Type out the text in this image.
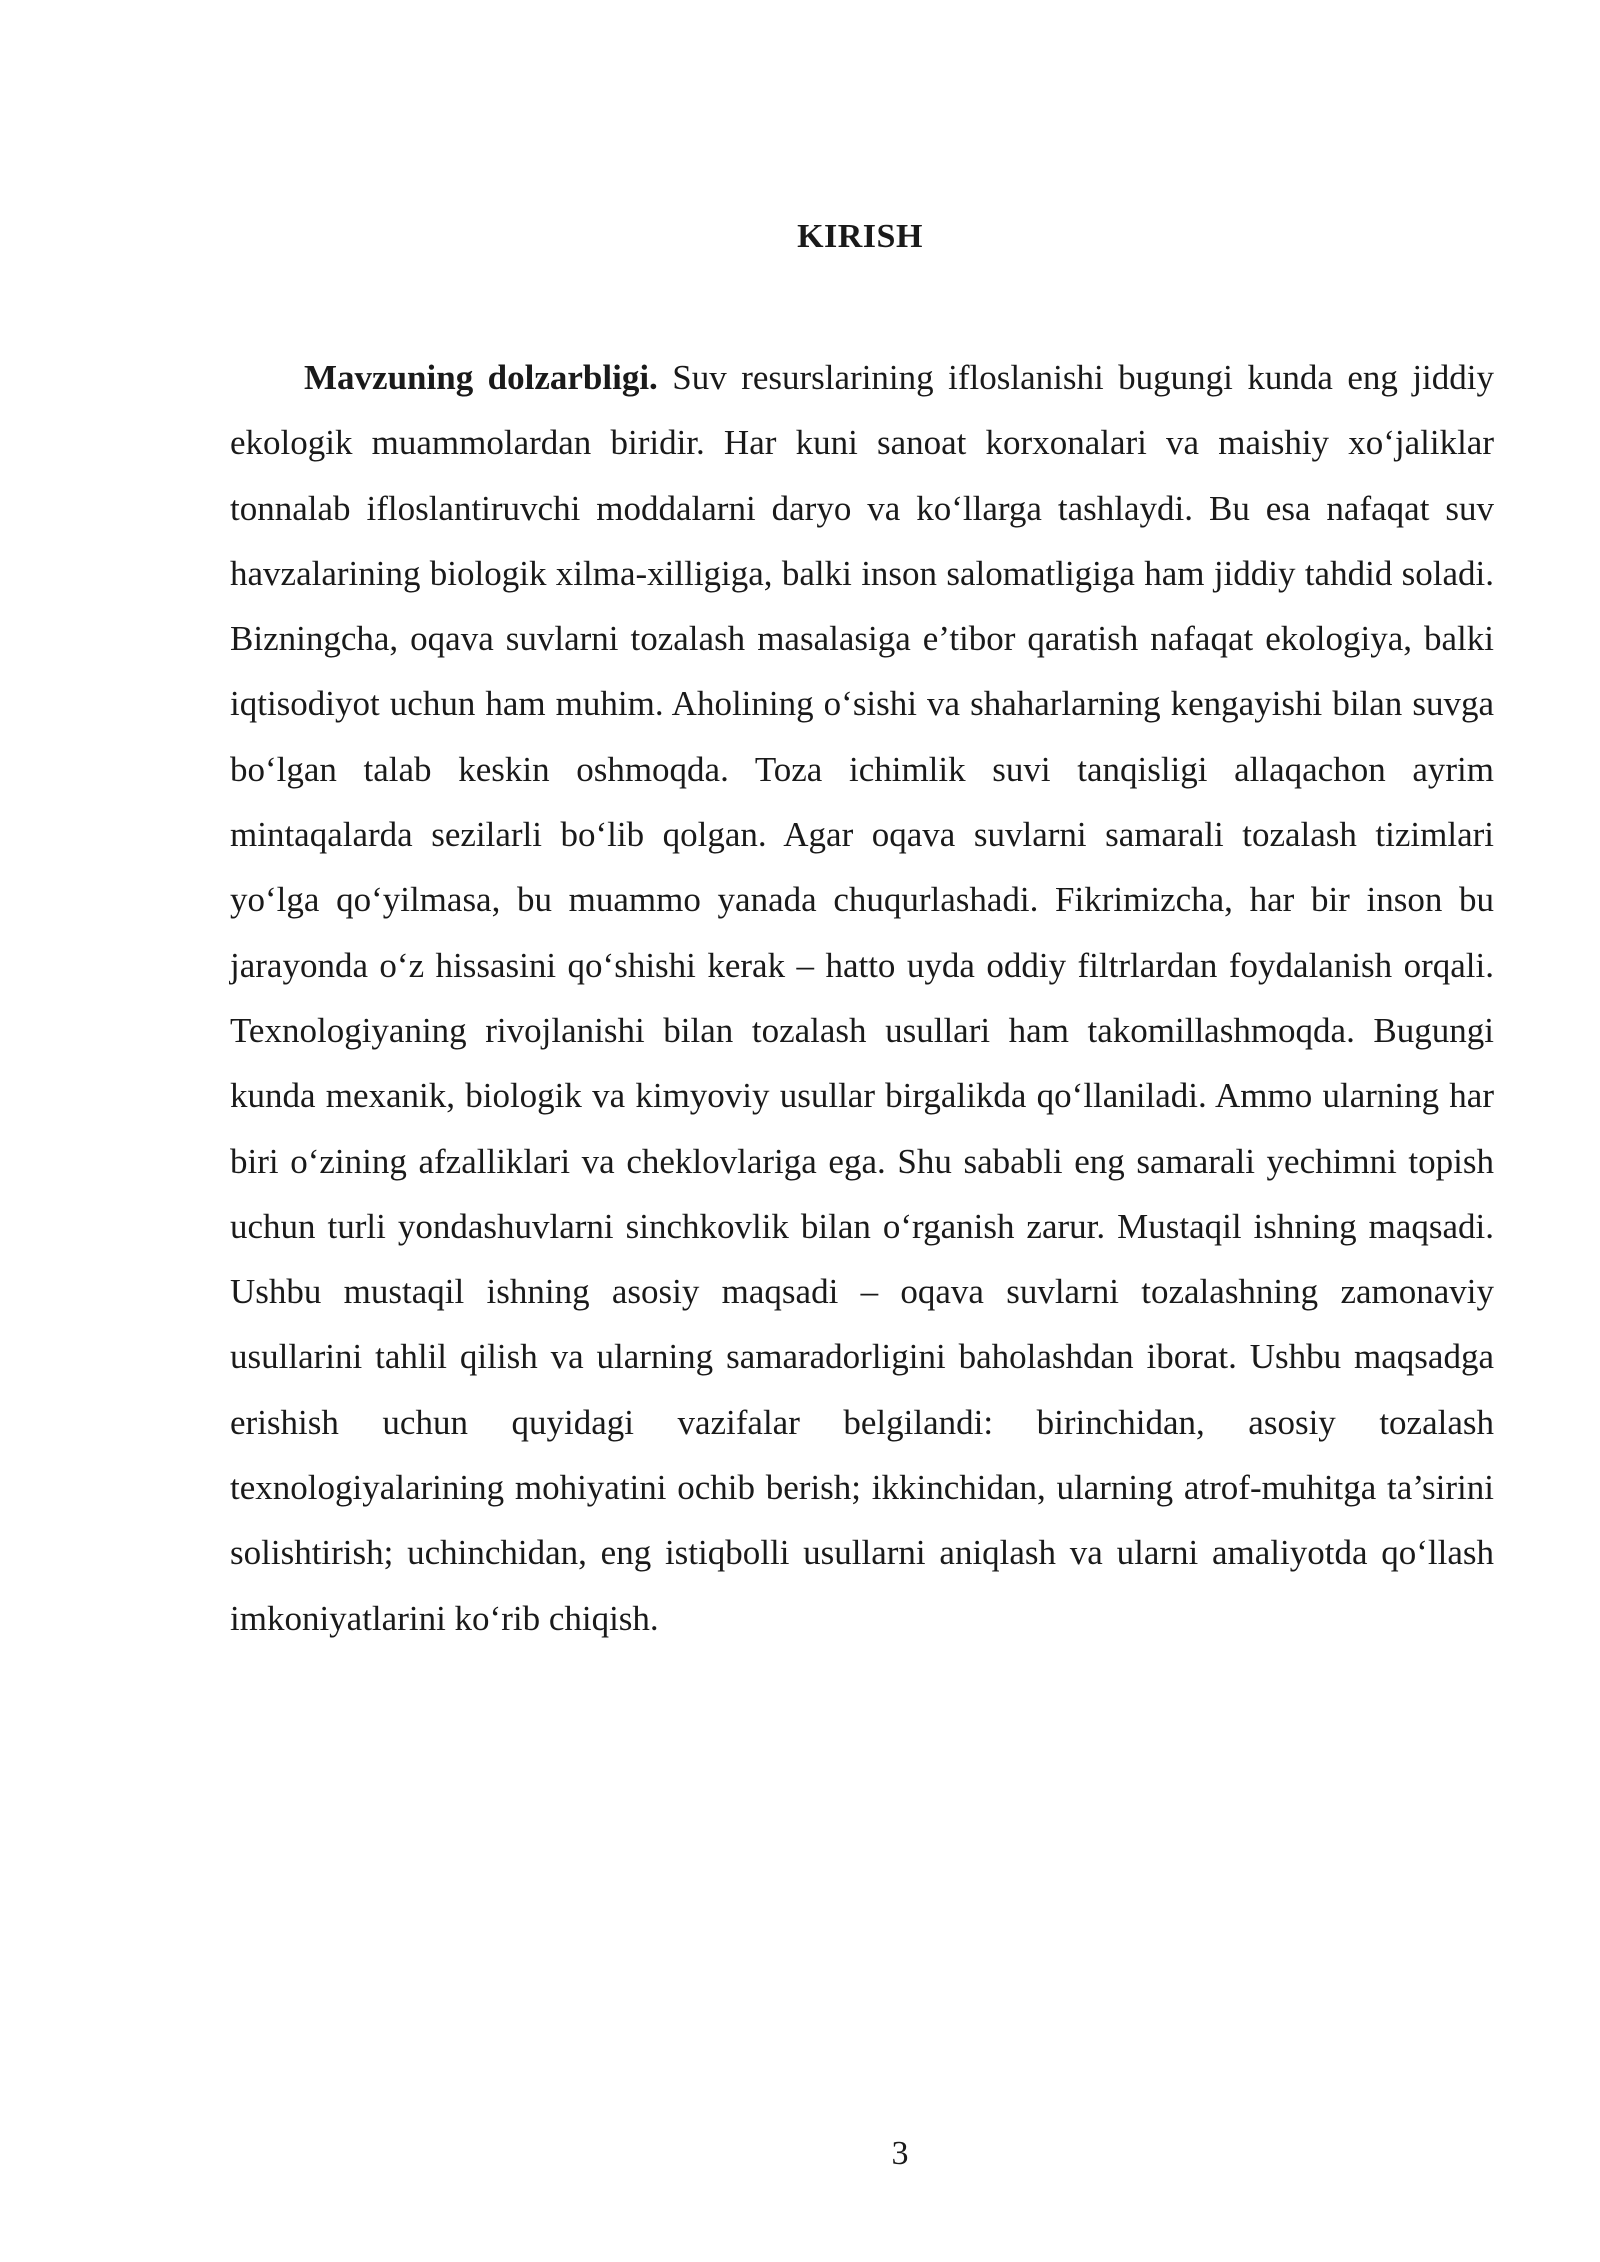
KIRISH

Mavzuning dolzarbligi. Suv resurslarining ifloslanishi bugungi kunda eng jiddiy ekologik muammolardan biridir. Har kuni sanoat korxonalari va maishiy xo‘jaliklar tonnalab ifloslantiruvchi moddalarni daryo va ko‘llarga tashlaydi. Bu esa nafaqat suv havzalarining biologik xilma-xilligiga, balki inson salomatligiga ham jiddiy tahdid soladi. Bizningcha, oqava suvlarni tozalash masalasiga e’tibor qaratish nafaqat ekologiya, balki iqtisodiyot uchun ham muhim. Aholining o‘sishi va shaharlarning kengayishi bilan suvga bo‘lgan talab keskin oshmoqda. Toza ichimlik suvi tanqisligi allaqachon ayrim mintaqalarda sezilarli bo‘lib qolgan. Agar oqava suvlarni samarali tozalash tizimlari yo‘lga qo‘yilmasa, bu muammo yanada chuqurlashadi. Fikrimizcha, har bir inson bu jarayonda o‘z hissasini qo‘shishi kerak – hatto uyda oddiy filtrlardan foydalanish orqali. Texnologiyaning rivojlanishi bilan tozalash usullari ham takomillashmoqda. Bugungi kunda mexanik, biologik va kimyoviy usullar birgalikda qo‘llaniladi. Ammo ularning har biri o‘zining afzalliklari va cheklovlariga ega. Shu sababli eng samarali yechimni topish uchun turli yondashuvlarni sinchkovlik bilan o‘rganish zarur. Mustaqil ishning maqsadi. Ushbu mustaqil ishning asosiy maqsadi – oqava suvlarni tozalashning zamonaviy usullarini tahlil qilish va ularning samaradorligini baholashdan iborat. Ushbu maqsadga erishish uchun quyidagi vazifalar belgilandi: birinchidan, asosiy tozalash texnologiyalarining mohiyatini ochib berish; ikkinchidan, ularning atrof-muhitga ta’sirini solishtirish; uchinchidan, eng istiqbolli usullarni aniqlash va ularni amaliyotda qo‘llash imkoniyatlarini ko‘rib chiqish.

3
